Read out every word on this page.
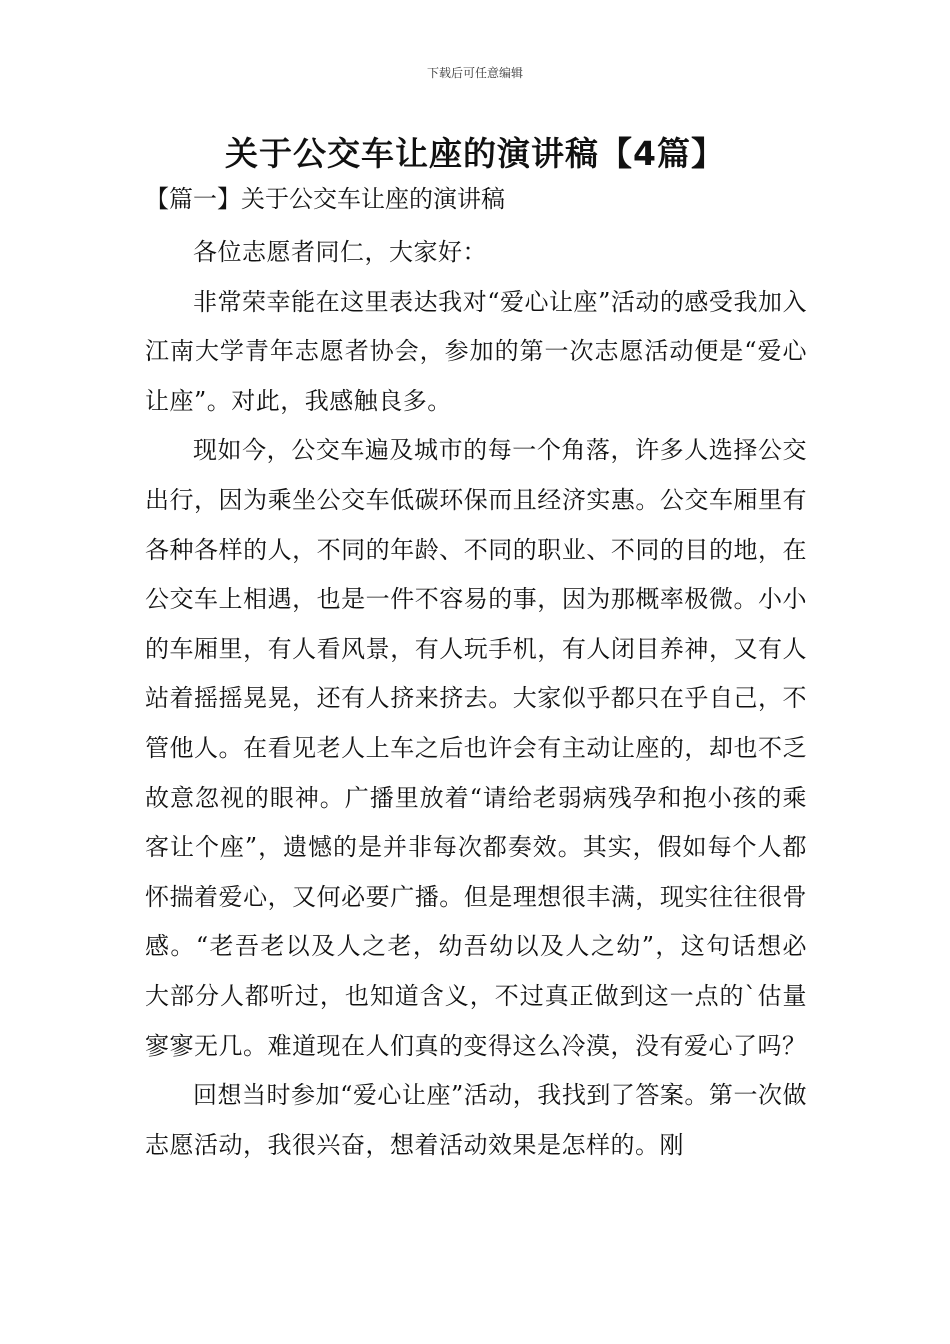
下载后可任意编辑
关于公交车让座的演讲稿【4篇】
【篇一】关于公交车让座的演讲稿

各位志愿者同仁，大家好：

非常荣幸能在这里表达我对“爱心让座”活动的感受我加入江南大学青年志愿者协会，参加的第一次志愿活动便是“爱心让座”。对此，我感触良多。

现如今，公交车遍及城市的每一个角落，许多人选择公交出行，因为乘坐公交车低碳环保而且经济实惠。公交车厢里有各种各样的人，不同的年龄、不同的职业、不同的目的地，在公交车上相遇，也是一件不容易的事，因为那概率极微。小小的车厢里，有人看风景，有人玩手机，有人闭目养神，又有人站着摇摇晃晃，还有人挤来挤去。大家似乎都只在乎自己，不管他人。在看见老人上车之后也许会有主动让座的，却也不乏故意忽视的眼神。广播里放着“请给老弱病残孕和抱小孩的乘客让个座”，遗憾的是并非每次都奏效。其实，假如每个人都怀揣着爱心，又何必要广播。但是理想很丰满，现实往往很骨感。“老吾老以及人之老，幼吾幼以及人之幼”，这句话想必大部分人都听过，也知道含义，不过真正做到这一点的`估量寥寥无几。难道现在人们真的变得这么冷漠，没有爱心了吗？

回想当时参加“爱心让座”活动，我找到了答案。第一次做志愿活动，我很兴奋，想着活动效果是怎样的。刚
